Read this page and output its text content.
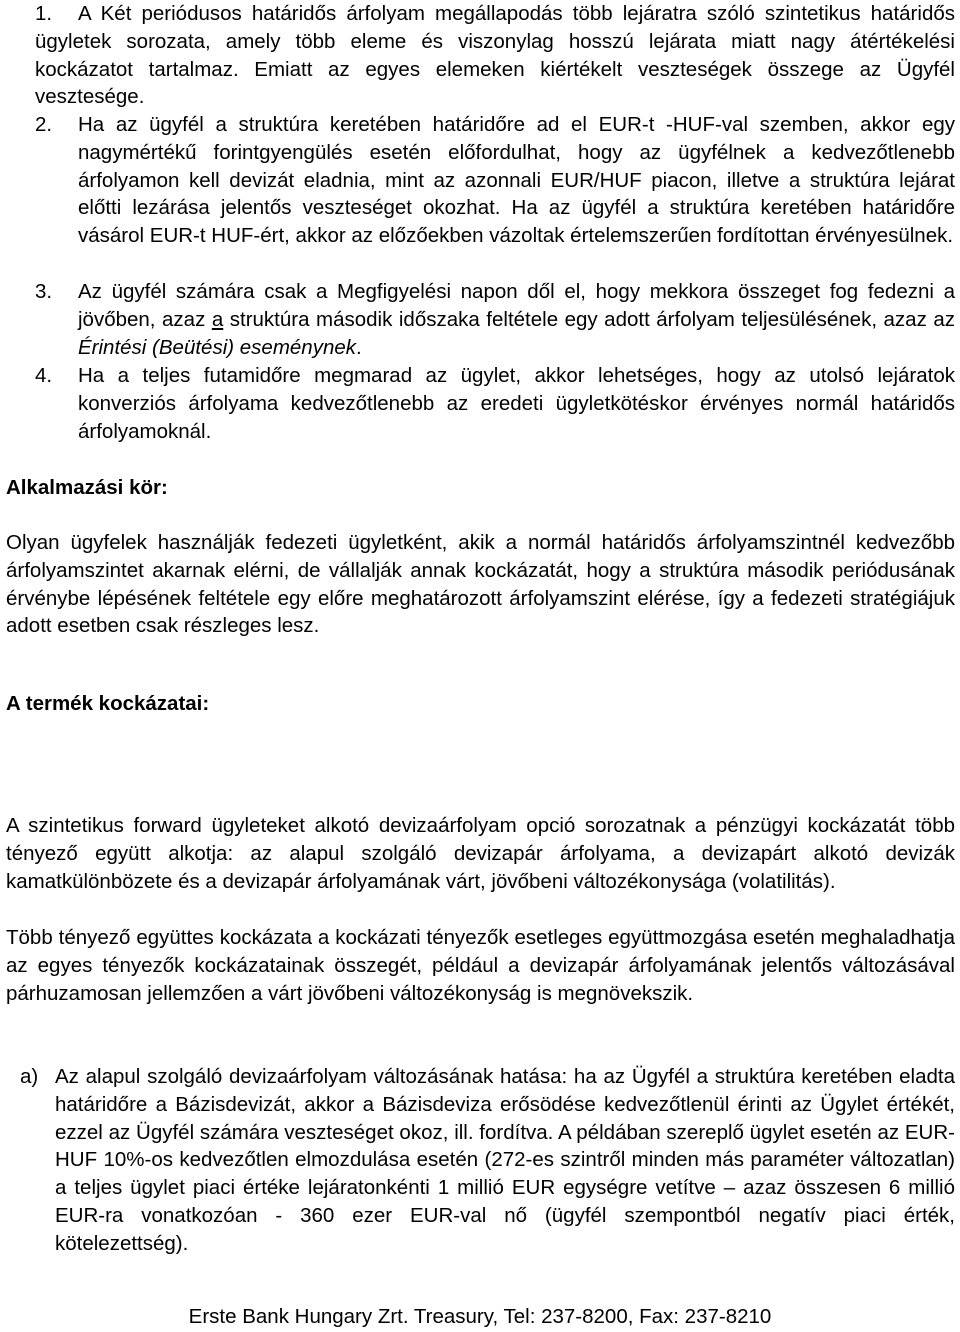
1.	A Két periódusos határidős árfolyam megállapodás több lejáratra szóló szintetikus határidős ügyletek sorozata, amely több eleme és viszonylag hosszú lejárata miatt nagy átértékelési kockázatot tartalmaz. Emiatt az egyes elemeken kiértékelt veszteségek összege az Ügyfél vesztesége.
2.	Ha az ügyfél a struktúra keretében határidőre ad el EUR-t -HUF-val szemben, akkor egy nagymértékű forintgyengülés esetén előfordulhat, hogy az ügyfélnek a kedvezőtlenebb árfolyamon kell devizát eladnia, mint az azonnali EUR/HUF piacon, illetve a struktúra lejárat előtti lezárása jelentős veszteséget okozhat. Ha az ügyfél a struktúra keretében határidőre vásárol EUR-t HUF-ért, akkor az előzőekben vázoltak értelemszerűen fordítottan érvényesülnek.
3.	Az ügyfél számára csak a Megfigyelési napon dől el, hogy mekkora összeget fog fedezni a jövőben, azaz a struktúra második időszaka feltétele egy adott árfolyam teljesülésének, azaz az Érintési (Beütési) eseménynek.
4.	Ha a teljes futamidőre megmarad az ügylet, akkor lehetséges, hogy az utolsó lejáratok konverziós árfolyama kedvezőtlenebb az eredeti ügyletkötéskor érvényes normál határidős árfolyamoknál.
Alkalmazási kör:
Olyan ügyfelek használják fedezeti ügyletként, akik a normál határidős árfolyamszintnél kedvezőbb árfolyamszintet akarnak elérni, de vállalják annak kockázatát, hogy a struktúra második periódusának érvénybe lépésének feltétele egy előre meghatározott árfolyamszint elérése, így a fedezeti stratégiájuk adott esetben csak részleges lesz.
A termék kockázatai:
A szintetikus forward ügyleteket alkotó devizaárfolyam opció sorozatnak a pénzügyi kockázatát több tényező együtt alkotja: az alapul szolgáló devizapár árfolyama, a devizapárt alkotó devizák kamatkülönbözete és a devizapár árfolyamának várt, jövőbeni változékonysága (volatilitás).
Több tényező együttes kockázata a kockázati tényezők esetleges együttmozgása esetén meghaladhatja az egyes tényezők kockázatainak összegét, például a devizapár árfolyamának jelentős változásával párhuzamosan jellemzően a várt jövőbeni változékonyság is megnövekszik.
a) Az alapul szolgáló devizaárfolyam változásának hatása: ha az Ügyfél a struktúra keretében eladta határidőre a Bázisdevizát, akkor a Bázisdeviza erősödése kedvezőtlenül érinti az Ügylet értékét, ezzel az Ügyfél számára veszteséget okoz, ill. fordítva. A példában szereplő ügylet esetén az EUR-HUF 10%-os kedvezőtlen elmozdulása esetén (272-es szintről minden más paraméter változatlan) a teljes ügylet piaci értéke lejáratonkénti 1 millió EUR egységre vetítve – azaz összesen 6 millió EUR-ra vonatkozóan - 360 ezer EUR-val nő (ügyfél szempontból negatív piaci érték, kötelezettség).
Erste Bank Hungary Zrt. Treasury, Tel: 237-8200, Fax: 237-8210
